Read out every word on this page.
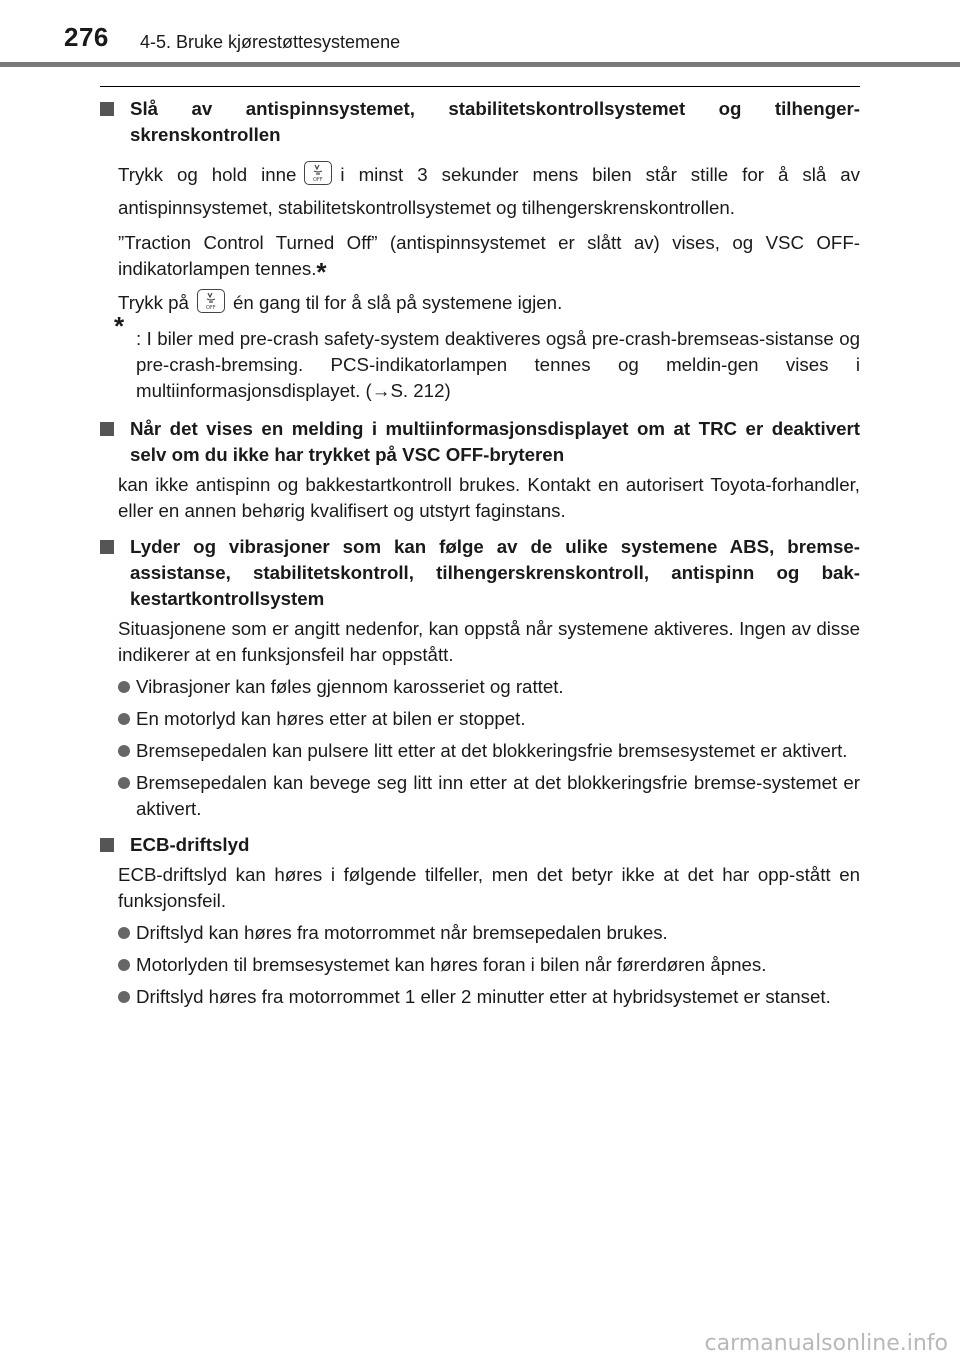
276 4-5. Bruke kjørestøttesystemene

Slå av antispinnsystemet, stabilitetskontrollsystemet og tilhenger-skrenskontrollen

Trykk og hold inne	OFF i minst 3 sekunder mens bilen står stille for å slå av antispinnsystemet, stabilitetskontrollsystemet og tilhengerskrenskontrollen.

”Traction Control Turned Off” (antispinnsystemet er slått av) vises, og VSC OFF-indikatorlampen tennes.*

Trykk på	OFF én gang til for å slå på systemene igjen.

* : I biler med pre-crash safety-system deaktiveres også pre-crash-bremseas-sistanse og pre-crash-bremsing. PCS-indikatorlampen tennes og meldin-gen vises i multiinformasjonsdisplayet. (→S. 212)

Når det vises en melding i multiinformasjonsdisplayet om at TRC er deaktivert selv om du ikke har trykket på VSC OFF-bryteren

kan ikke antispinn og bakkestartkontroll brukes. Kontakt en autorisert Toyota-forhandler, eller en annen behørig kvalifisert og utstyrt faginstans.

Lyder og vibrasjoner som kan følge av de ulike systemene ABS, bremse-assistanse, stabilitetskontroll, tilhengerskrenskontroll, antispinn og bak-kestartkontrollsystem

Situasjonene som er angitt nedenfor, kan oppstå når systemene aktiveres. Ingen av disse indikerer at en funksjonsfeil har oppstått.

Vibrasjoner kan føles gjennom karosseriet og rattet.

En motorlyd kan høres etter at bilen er stoppet.

Bremsepedalen kan pulsere litt etter at det blokkeringsfrie bremsesystemet er aktivert.

Bremsepedalen kan bevege seg litt inn etter at det blokkeringsfrie bremse-systemet er aktivert.

ECB-driftslyd

ECB-driftslyd kan høres i følgende tilfeller, men det betyr ikke at det har opp-stått en funksjonsfeil.

Driftslyd kan høres fra motorrommet når bremsepedalen brukes.

Motorlyden til bremsesystemet kan høres foran i bilen når førerdøren åpnes.

Driftslyd høres fra motorrommet 1 eller 2 minutter etter at hybridsystemet er stanset.

carmanualsonline.info
